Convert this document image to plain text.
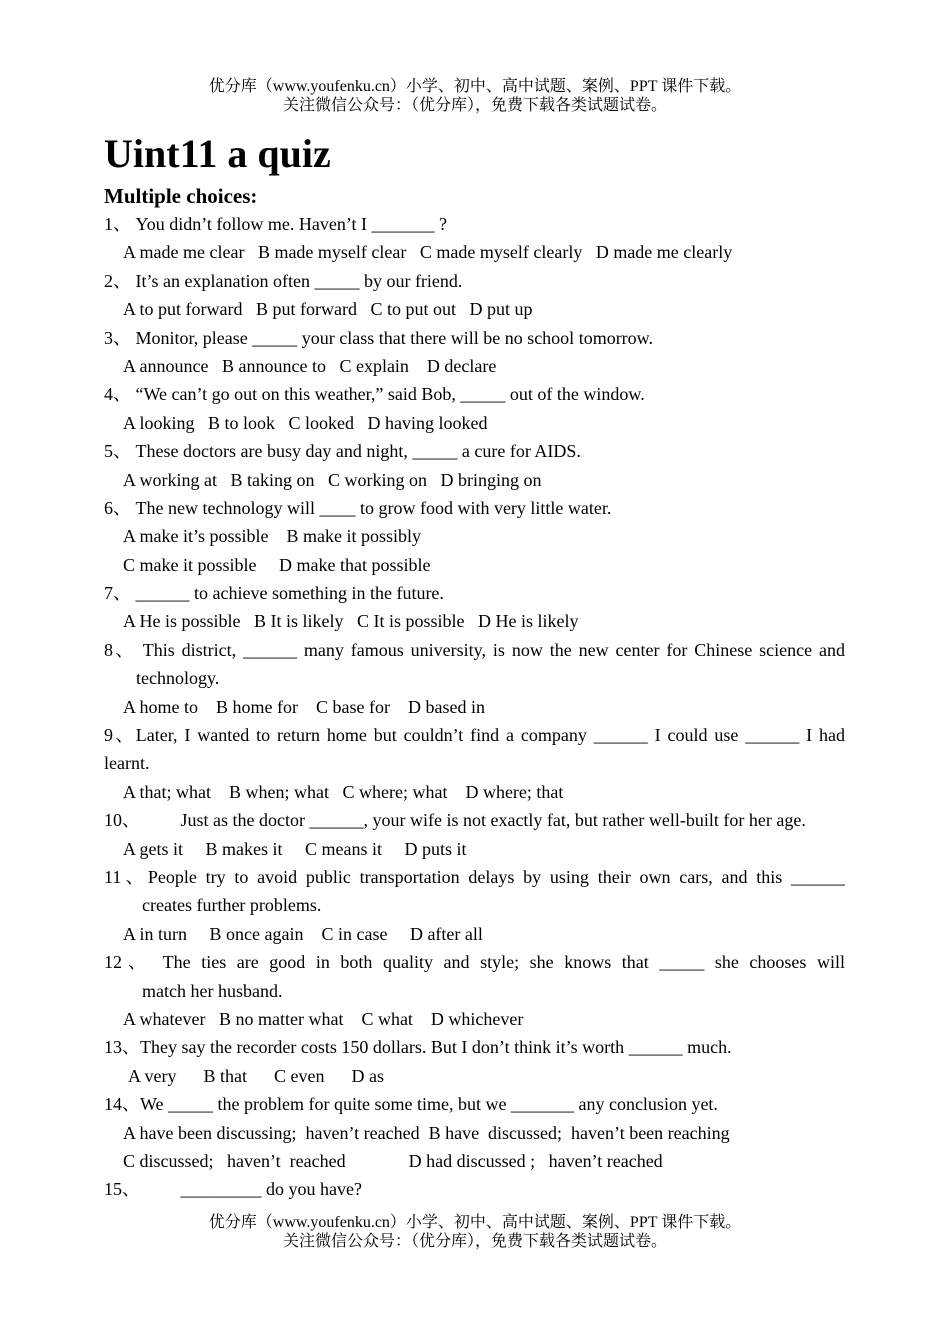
优分库（www.youfenku.cn）小学、初中、高中试题、案例、PPT 课件下载。
关注微信公众号：（优分库），免费下载各类试题试卷。
Uint11 a quiz
Multiple choices:
1、 You didn’t follow me. Haven’t I _______ ?
A made me clear   B made myself clear   C made myself clearly   D made me clearly
2、 It’s an explanation often _____ by our friend.
A to put forward   B put forward   C to put out   D put up
3、 Monitor, please _____ your class that there will be no school tomorrow.
A announce   B announce to   C explain    D declare
4、 “We can’t go out on this weather,” said Bob, _____ out of the window.
A looking   B to look   C looked   D having looked
5、 These doctors are busy day and night, _____ a cure for AIDS.
A working at   B taking on   C working on   D bringing on
6、 The new technology will ____ to grow food with very little water.
A make it’s possible    B make it possibly
C make it possible     D make that possible
7、 ______ to achieve something in the future.
A He is possible   B It is likely   C It is possible   D He is likely
8、 This district, ______ many famous university, is now the new center for Chinese science and
technology.
A home to    B home for    C base for    D based in
9、Later, I wanted to return home but couldn’t find a company ______ I could use ______ I had
learnt.
A that; what    B when; what   C where; what    D where; that
10、         Just as the doctor ______, your wife is not exactly fat, but rather well-built for her age.
A gets it     B makes it     C means it     D puts it
11、People try to avoid public transportation delays by using their own cars, and this ______
creates further problems.
A in turn     B once again    C in case     D after all
12、 The ties are good in both quality and style; she knows that _____ she chooses will
match her husband.
A whatever   B no matter what    C what    D whichever
13、They say the recorder costs 150 dollars. But I don’t think it’s worth ______ much.
A very      B that      C even      D as
14、We _____ the problem for quite some time, but we _______ any conclusion yet.
A have been discussing;  haven’t reached  B have  discussed;  haven’t been reaching
C discussed;   haven’t  reached              D had discussed ;   haven’t reached
15、         _________ do you have?
优分库（www.youfenku.cn）小学、初中、高中试题、案例、PPT 课件下载。
关注微信公众号：（优分库），免费下载各类试题试卷。
